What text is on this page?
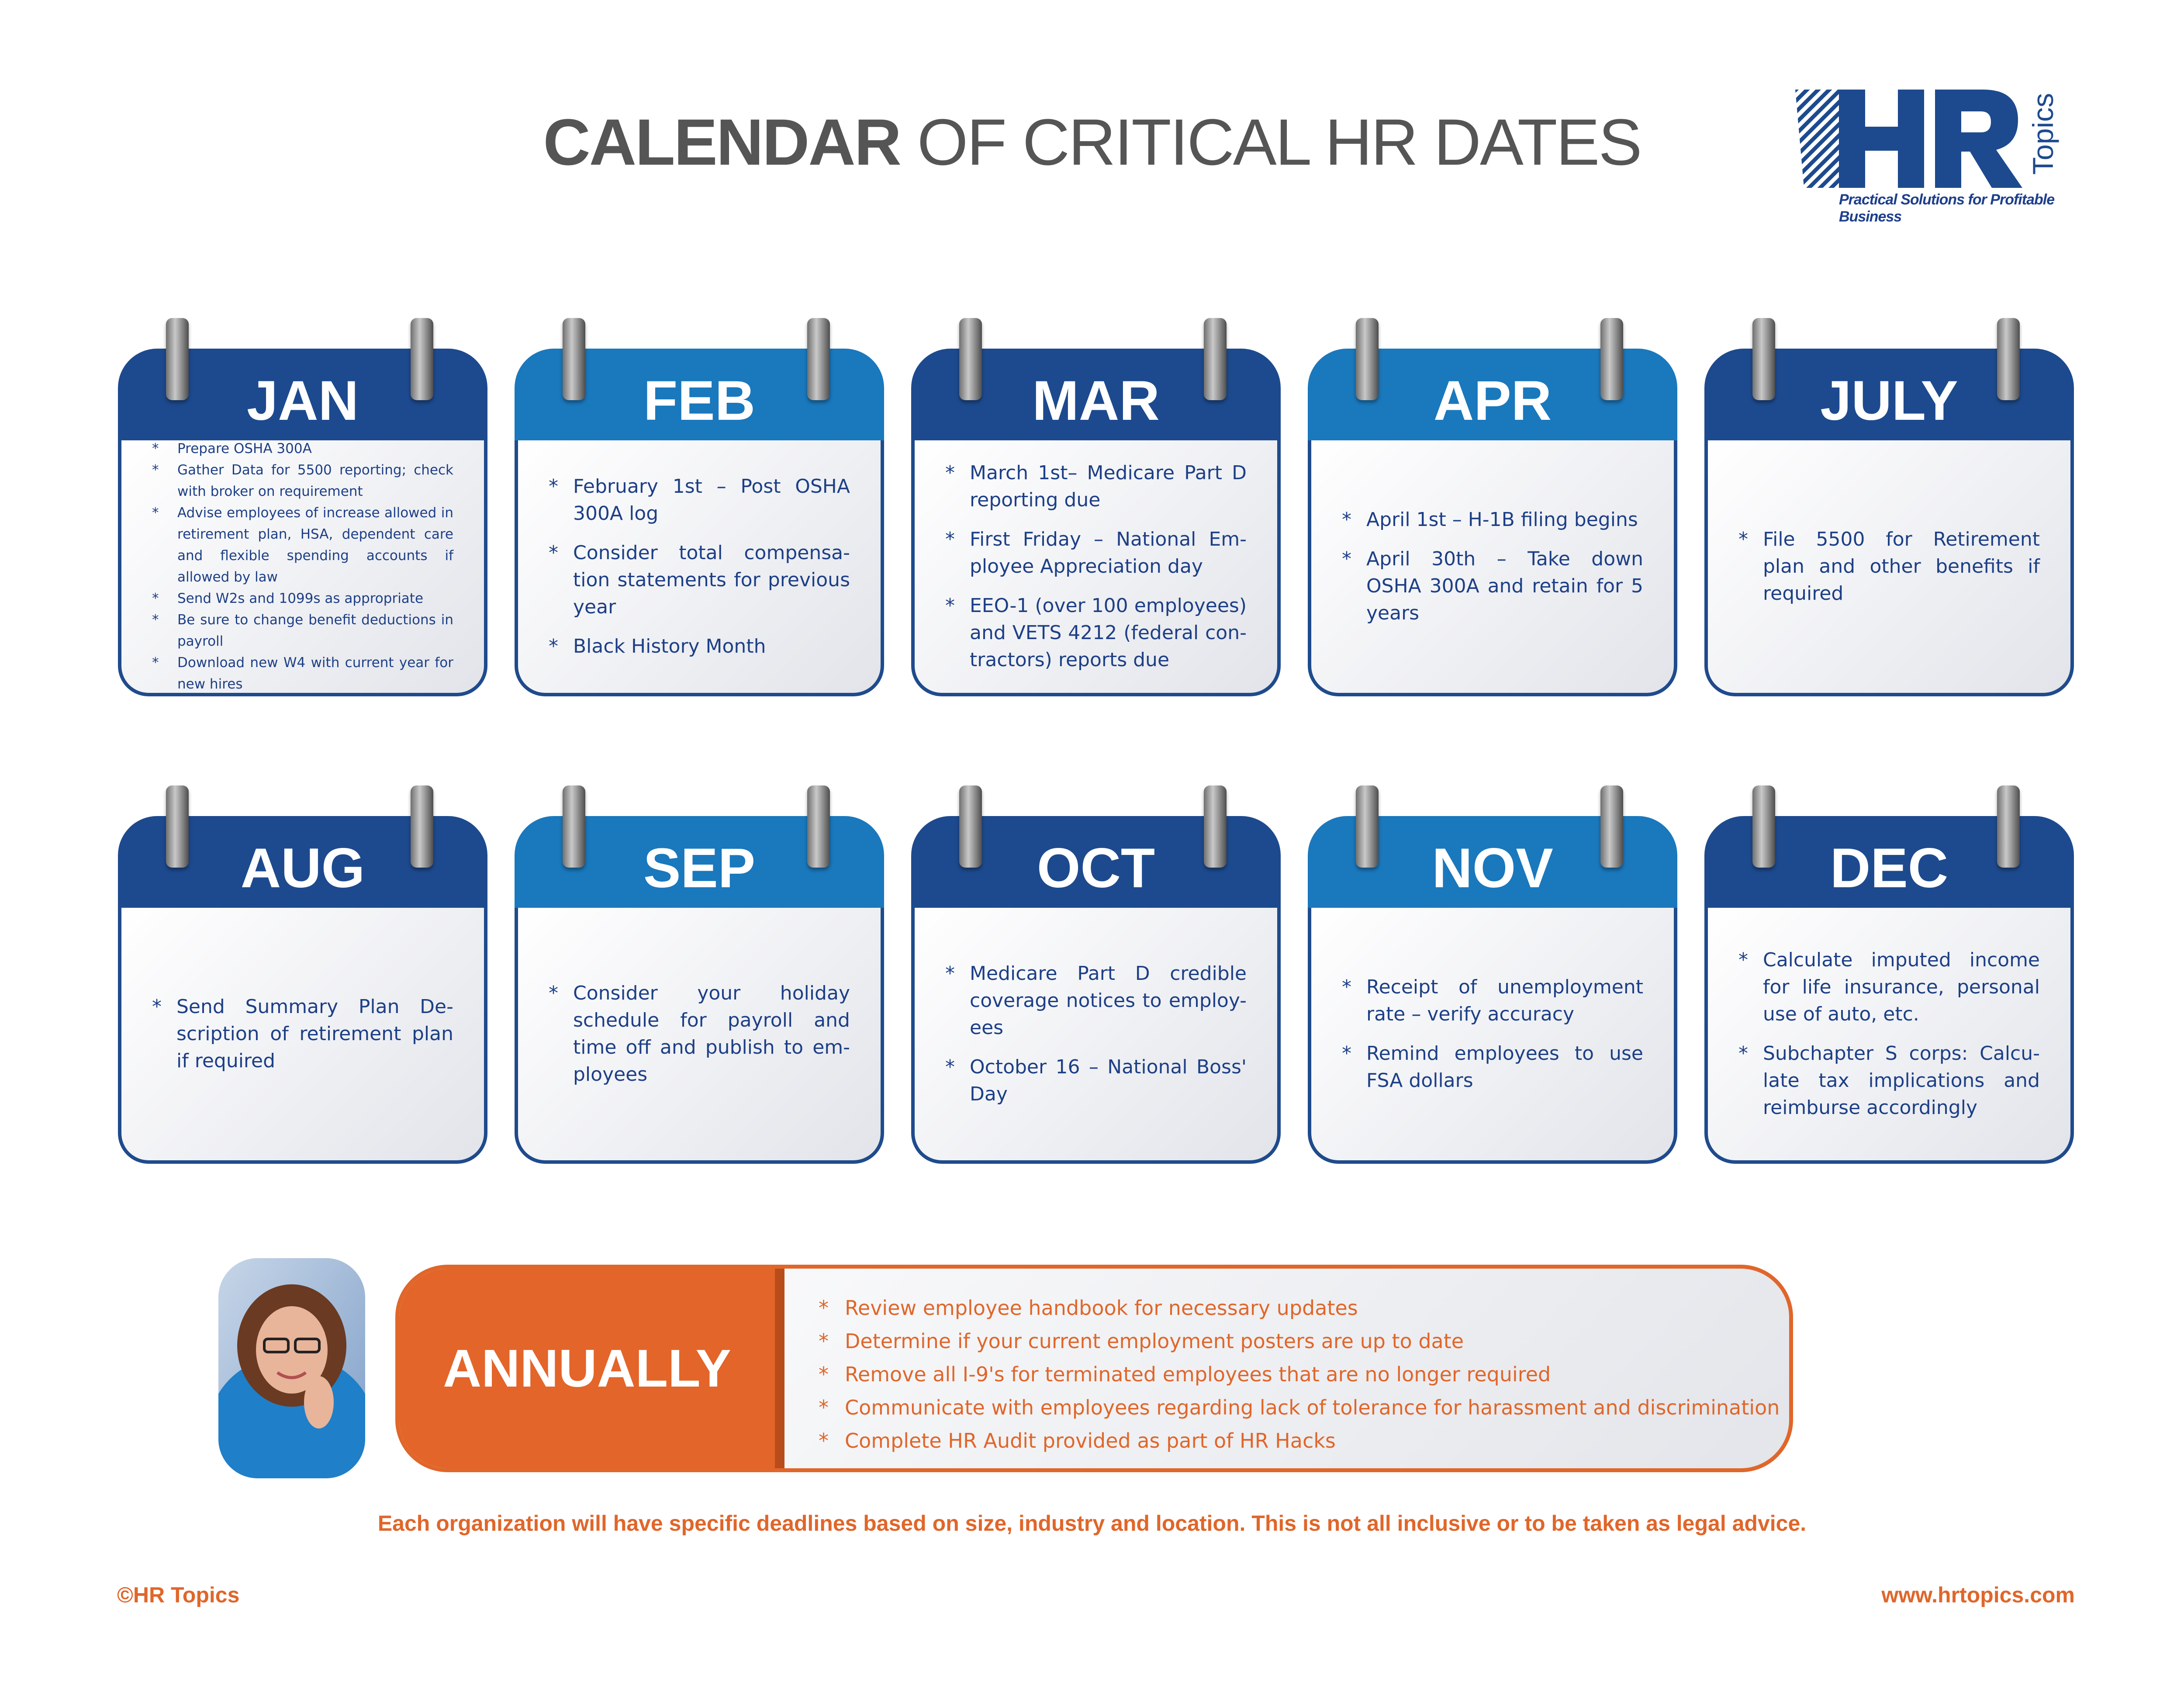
CALENDAR OF CRITICAL HR DATES	Topics
Practical Solutions for Profitable Business
JAN
* Prepare OSHA 300A
* Gather Data for 5500 reporting; check with broker on requirement
* Advise employees of increase allowed in retirement plan, HSA, dependent care and flexible spending accounts if allowed by law
* Send W2s and 1099s as appropriate
* Be sure to change benefit deductions in payroll
* Download new W4 with current year for new hires
FEB
* February 1st – Post OSHA 300A log
* Consider total compensa-tion statements for previous year
* Black History Month
MAR
* March 1st– Medicare Part D reporting due
* First Friday – National Em-ployee Appreciation day
* EEO-1 (over 100 employees) and VETS 4212 (federal con-tractors) reports due
APR
* April 1st – H-1B filing begins
* April 30th – Take down OSHA 300A and retain for 5 years
JULY
* File 5500 for Retirement plan and other benefits if required
AUG
* Send Summary Plan De-scription of retirement plan if required
SEP
* Consider your holiday schedule for payroll and time off and publish to em-ployees
OCT
* Medicare Part D credible coverage notices to employ-ees
* October 16 – National Boss' Day
NOV
* Receipt of unemployment rate – verify accuracy
* Remind employees to use FSA dollars
DEC
* Calculate imputed income for life insurance, personal use of auto, etc.
* Subchapter S corps: Calcu-late tax implications and reimburse accordingly
ANNUALLY
* Review employee handbook for necessary updates
* Determine if your current employment posters are up to date
* Remove all I-9's for terminated employees that are no longer required
* Communicate with employees regarding lack of tolerance for harassment and discrimination
* Complete HR Audit provided as part of HR Hacks
Each organization will have specific deadlines based on size, industry and location. This is not all inclusive or to be taken as legal advice.
©HR Topics	www.hrtopics.com
